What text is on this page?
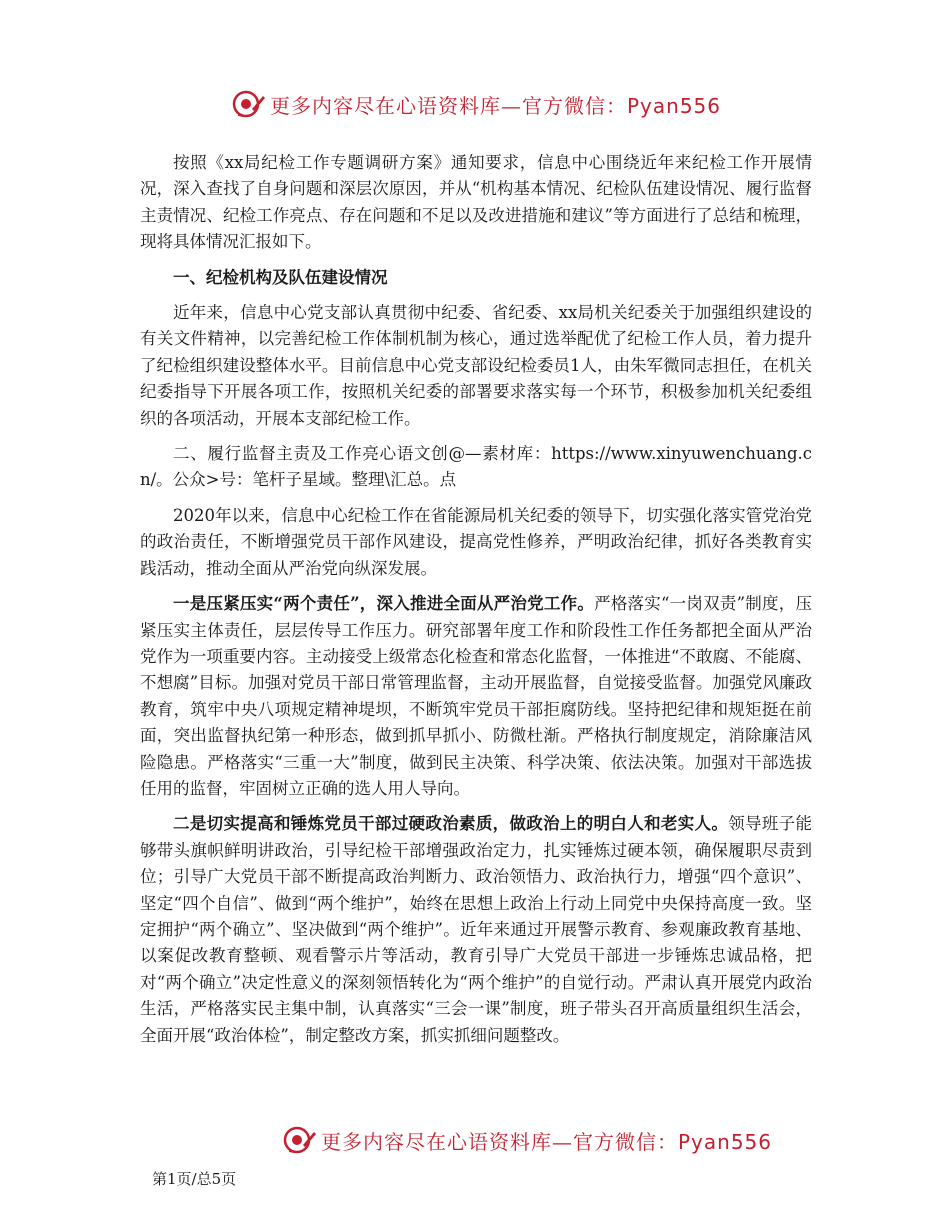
更多内容尽在心语资料库—官方微信：Pyan556

按照《xx局纪检工作专题调研方案》通知要求，信息中心围绕近年来纪检工作开展情况，深入查找了自身问题和深层次原因，并从“机构基本情况、纪检队伍建设情况、履行监督主责情况、纪检工作亮点、存在问题和不足以及改进措施和建议”等方面进行了总结和梳理，现将具体情况汇报如下。

一、纪检机构及队伍建设情况

近年来，信息中心党支部认真贯彻中纪委、省纪委、xx局机关纪委关于加强组织建设的有关文件精神，以完善纪检工作体制机制为核心，通过选举配优了纪检工作人员，着力提升了纪检组织建设整体水平。目前信息中心党支部设纪检委员1人，由朱军微同志担任，在机关纪委指导下开展各项工作，按照机关纪委的部署要求落实每一个环节，积极参加机关纪委组织的各项活动，开展本支部纪检工作。

二、履行监督主责及工作亮心语文创@—素材库：https://www.xinyuwenchuang.cn/。公众>号：笔杆子星域。整理\汇总。点

2020年以来，信息中心纪检工作在省能源局机关纪委的领导下，切实强化落实管党治党的政治责任，不断增强党员干部作风建设，提高党性修养，严明政治纪律，抓好各类教育实践活动，推动全面从严治党向纵深发展。

一是压紧压实“两个责任”，深入推进全面从严治党工作。严格落实“一岗双责”制度，压紧压实主体责任，层层传导工作压力。研究部署年度工作和阶段性工作任务都把全面从严治党作为一项重要内容。主动接受上级常态化检查和常态化监督，一体推进“不敢腐、不能腐、不想腐”目标。加强对党员干部日常管理监督，主动开展监督，自觉接受监督。加强党风廉政教育，筑牢中央八项规定精神堤坝，不断筑牢党员干部拒腐防线。坚持把纪律和规矩挺在前面，突出监督执纪第一种形态，做到抓早抓小、防微杜渐。严格执行制度规定，消除廉洁风险隐患。严格落实“三重一大”制度，做到民主决策、科学决策、依法决策。加强对干部选拔任用的监督，牢固树立正确的选人用人导向。

二是切实提高和锤炼党员干部过硬政治素质，做政治上的明白人和老实人。领导班子能够带头旗帜鲜明讲政治，引导纪检干部增强政治定力，扎实锤炼过硬本领，确保履职尽责到位；引导广大党员干部不断提高政治判断力、政治领悟力、政治执行力，增强“四个意识”、坚定“四个自信”、做到“两个维护”，始终在思想上政治上行动上同党中央保持高度一致。坚定拥护“两个确立”、坚决做到“两个维护”。近年来通过开展警示教育、参观廉政教育基地、以案促改教育整顿、观看警示片等活动，教育引导广大党员干部进一步锤炼忠诚品格，把对“两个确立”决定性意义的深刻领悟转化为“两个维护”的自觉行动。严肃认真开展党内政治生活，严格落实民主集中制，认真落实“三会一课”制度，班子带头召开高质量组织生活会，全面开展“政治体检”，制定整改方案，抓实抓细问题整改。

更多内容尽在心语资料库—官方微信：Pyan556
第1页/总5页
